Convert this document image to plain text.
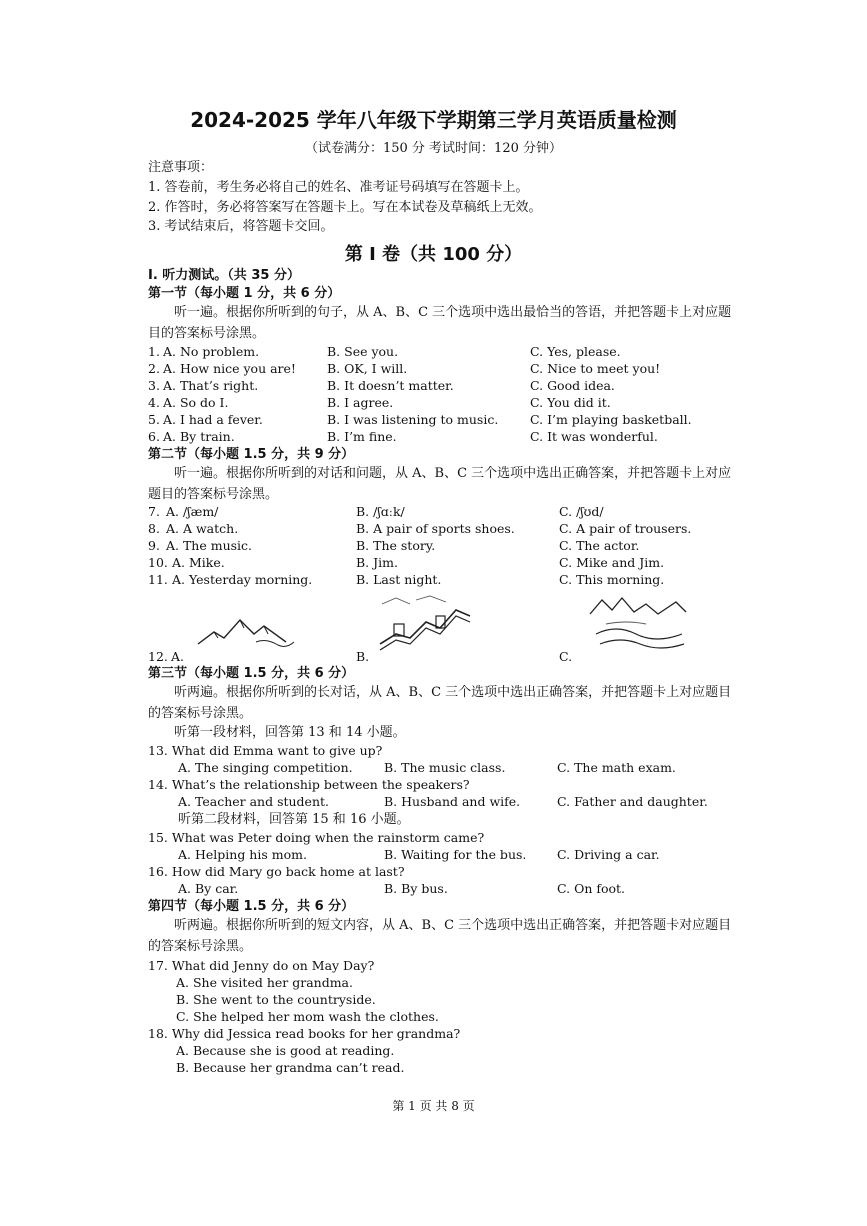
2024-2025 学年八年级下学期第三学月英语质量检测
（试卷满分：150 分 考试时间：120 分钟）
注意事项：
1. 答卷前，考生务必将自己的姓名、准考证号码填写在答题卡上。
2. 作答时，务必将答案写在答题卡上。写在本试卷及草稿纸上无效。
3. 考试结束后，将答题卡交回。
第 I 卷（共 100 分）
I. 听力测试。（共 35 分）
第一节（每小题 1 分，共 6 分）
听一遍。根据你所听到的句子，从 A、B、C 三个选项中选出最恰当的答语，并把答题卡上对应题目的答案标号涂黑。
1. A. No problem.	B. See you.	C. Yes, please.
2. A. How nice you are! B. OK, I will.	C. Nice to meet you!
3. A. That’s right.	B. It doesn’t matter.	C. Good idea.
4. A. So do I.	B. I agree.	C. You did it.
5. A. I had a fever.	B. I was listening to music.	C. I’m playing basketball.
6. A. By train.	B. I’m fine.	C. It was wonderful.
第二节（每小题 1.5 分，共 9 分）
听一遍。根据你所听到的对话和问题，从 A、B、C 三个选项中选出正确答案，并把答题卡上对应题目的答案标号涂黑。
7. A. /ʃæm/	B. /ʃɑːk/	C. /ʃʊd/
8. A. A watch.	B. A pair of sports shoes.	C. A pair of trousers.
9. A. The music.	B. The story.	C. The actor.
10. A. Mike.	B. Jim.	C. Mike and Jim.
11. A. Yesterday morning.	B. Last night.	C. This morning.
12. A.	B.	C.
第三节（每小题 1.5 分，共 6 分）
听两遍。根据你所听到的长对话，从 A、B、C 三个选项中选出正确答案，并把答题卡上对应题目的答案标号涂黑。
听第一段材料，回答第 13 和 14 小题。
13. What did Emma want to give up?
A. The singing competition.	B. The music class.	C. The math exam.
14. What’s the relationship between the speakers?
A. Teacher and student.	B. Husband and wife.	C. Father and daughter.
听第二段材料，回答第 15 和 16 小题。
15. What was Peter doing when the rainstorm came?
A. Helping his mom.	B. Waiting for the bus. C. Driving a car.
16. How did Mary go back home at last?
A. By car.	B. By bus.	C. On foot.
第四节（每小题 1.5 分，共 6 分）
听两遍。根据你所听到的短文内容，从 A、B、C 三个选项中选出正确答案，并把答题卡对应题目的答案标号涂黑。
17. What did Jenny do on May Day?
A. She visited her grandma.
B. She went to the countryside.
C. She helped her mom wash the clothes.
18. Why did Jessica read books for her grandma?
A. Because she is good at reading.
B. Because her grandma can’t read.
第 1 页 共 8 页
